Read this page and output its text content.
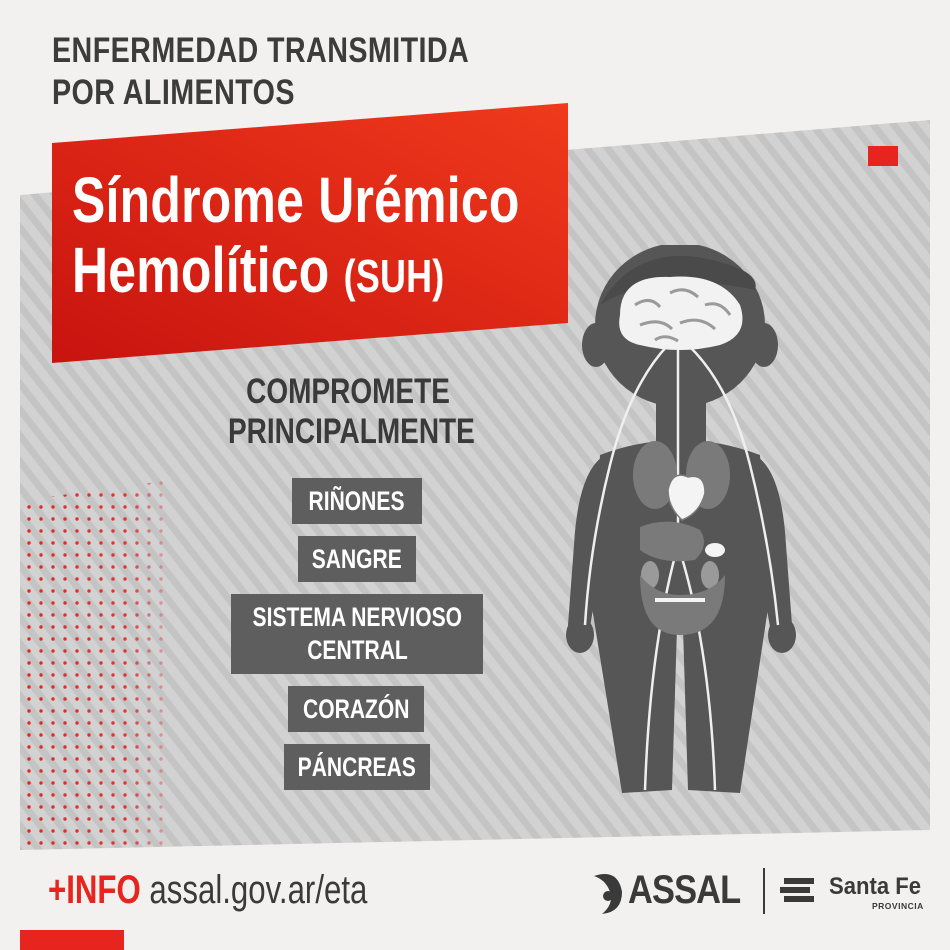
ENFERMEDAD TRANSMITIDA
POR ALIMENTOS
Síndrome Urémico
Hemolítico (SUH)
COMPROMETE
PRINCIPALMENTE
RIÑONES
SANGRE
SISTEMA NERVIOSO
CENTRAL
CORAZÓN
PÁNCREAS
+INFO assal.gov.ar/eta	ASSAL	Santa Fe
PROVINCIA
